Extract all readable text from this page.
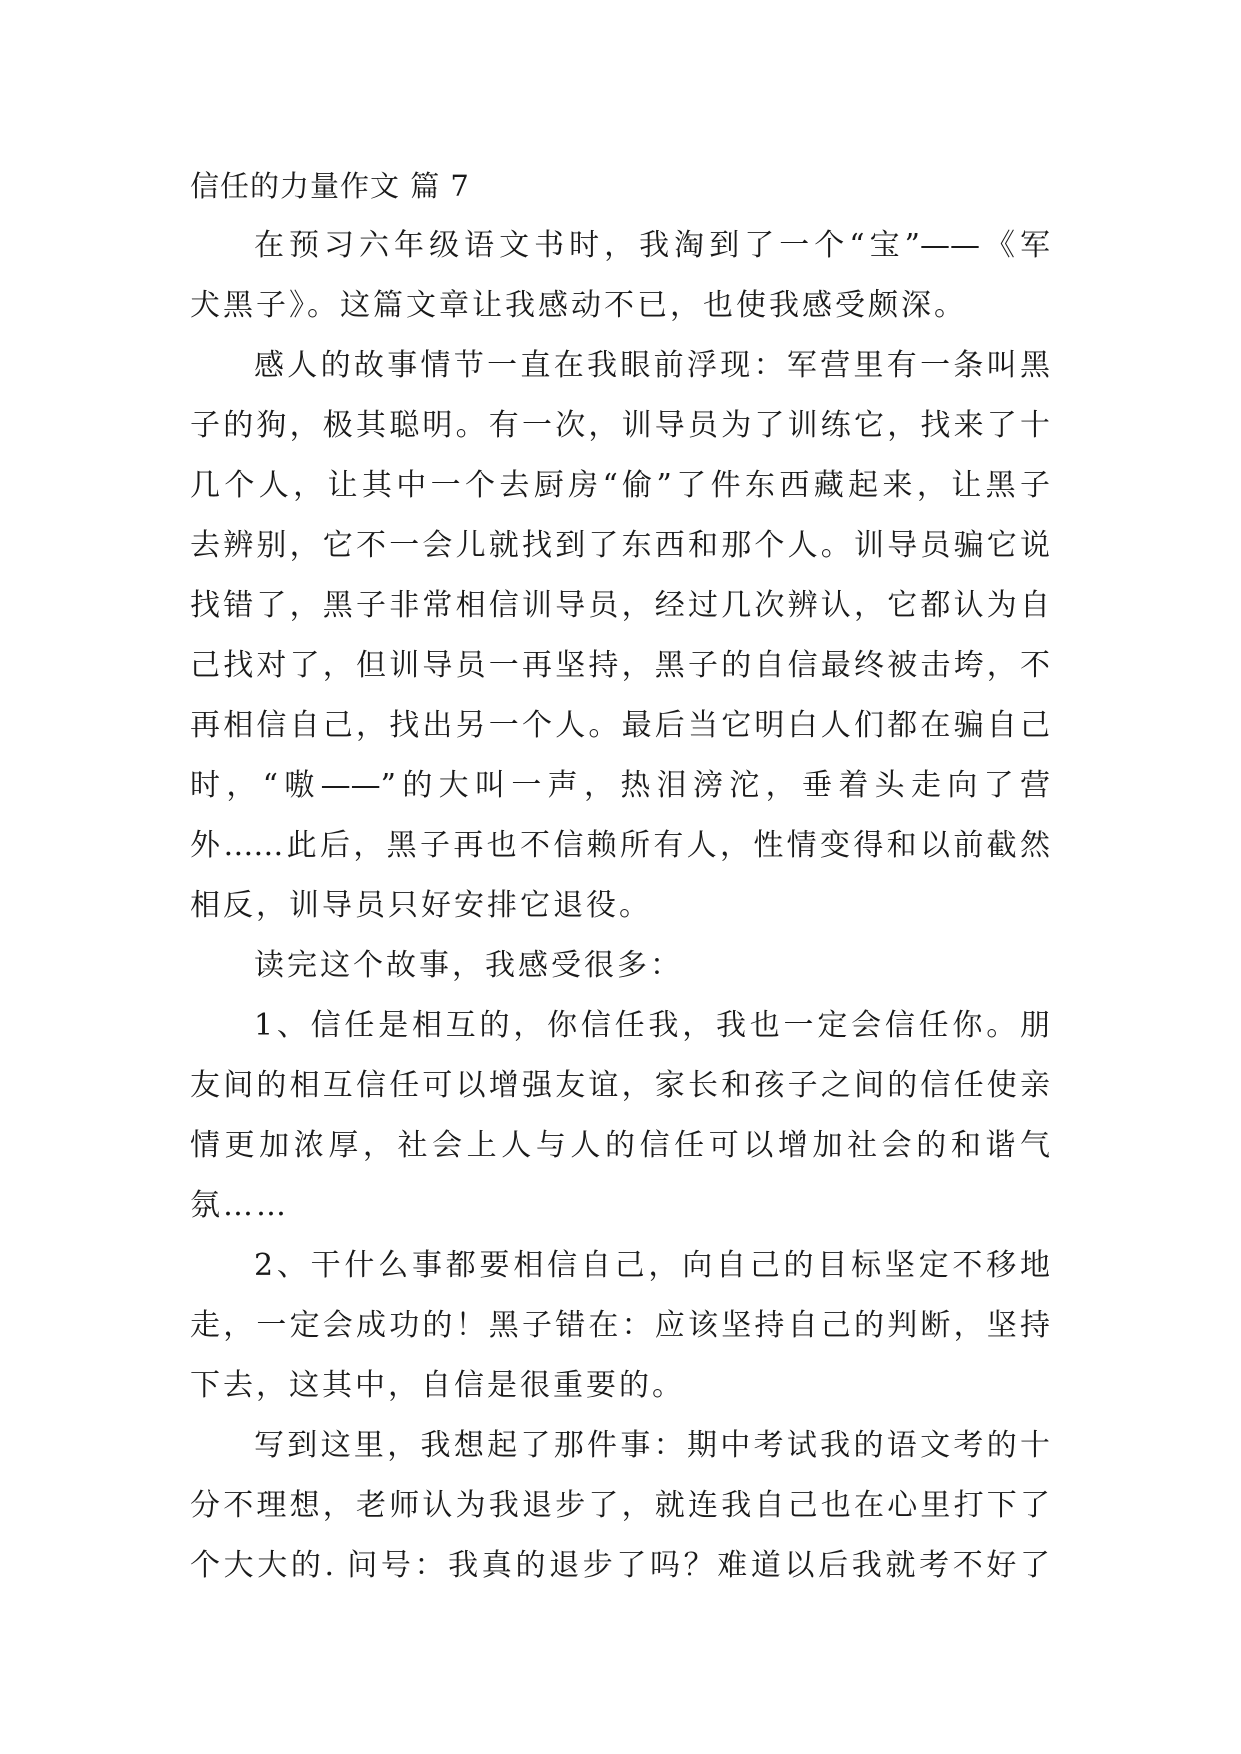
信任的力量作文 篇 7
在预习六年级语文书时，我淘到了一个“宝”——《军
犬黑子》。这篇文章让我感动不已，也使我感受颇深。
感人的故事情节一直在我眼前浮现：军营里有一条叫黑
子的狗，极其聪明。有一次，训导员为了训练它，找来了十
几个人，让其中一个去厨房“偷”了件东西藏起来，让黑子
去辨别，它不一会儿就找到了东西和那个人。训导员骗它说
找错了，黑子非常相信训导员，经过几次辨认，它都认为自
己找对了，但训导员一再坚持，黑子的自信最终被击垮，不
再相信自己，找出另一个人。最后当它明白人们都在骗自己
时，“嗷——”的大叫一声，热泪滂沱，垂着头走向了营
外……此后，黑子再也不信赖所有人，性情变得和以前截然
相反，训导员只好安排它退役。
读完这个故事，我感受很多：
1、信任是相互的，你信任我，我也一定会信任你。朋
友间的相互信任可以增强友谊，家长和孩子之间的信任使亲
情更加浓厚，社会上人与人的信任可以增加社会的和谐气
氛……
2、干什么事都要相信自己，向自己的目标坚定不移地
走，一定会成功的！黑子错在：应该坚持自己的判断，坚持
下去，这其中，自信是很重要的。
写到这里，我想起了那件事：期中考试我的语文考的十
分不理想，老师认为我退步了，就连我自己也在心里打下了
个大大的. 问号：我真的退步了吗？难道以后我就考不好了
